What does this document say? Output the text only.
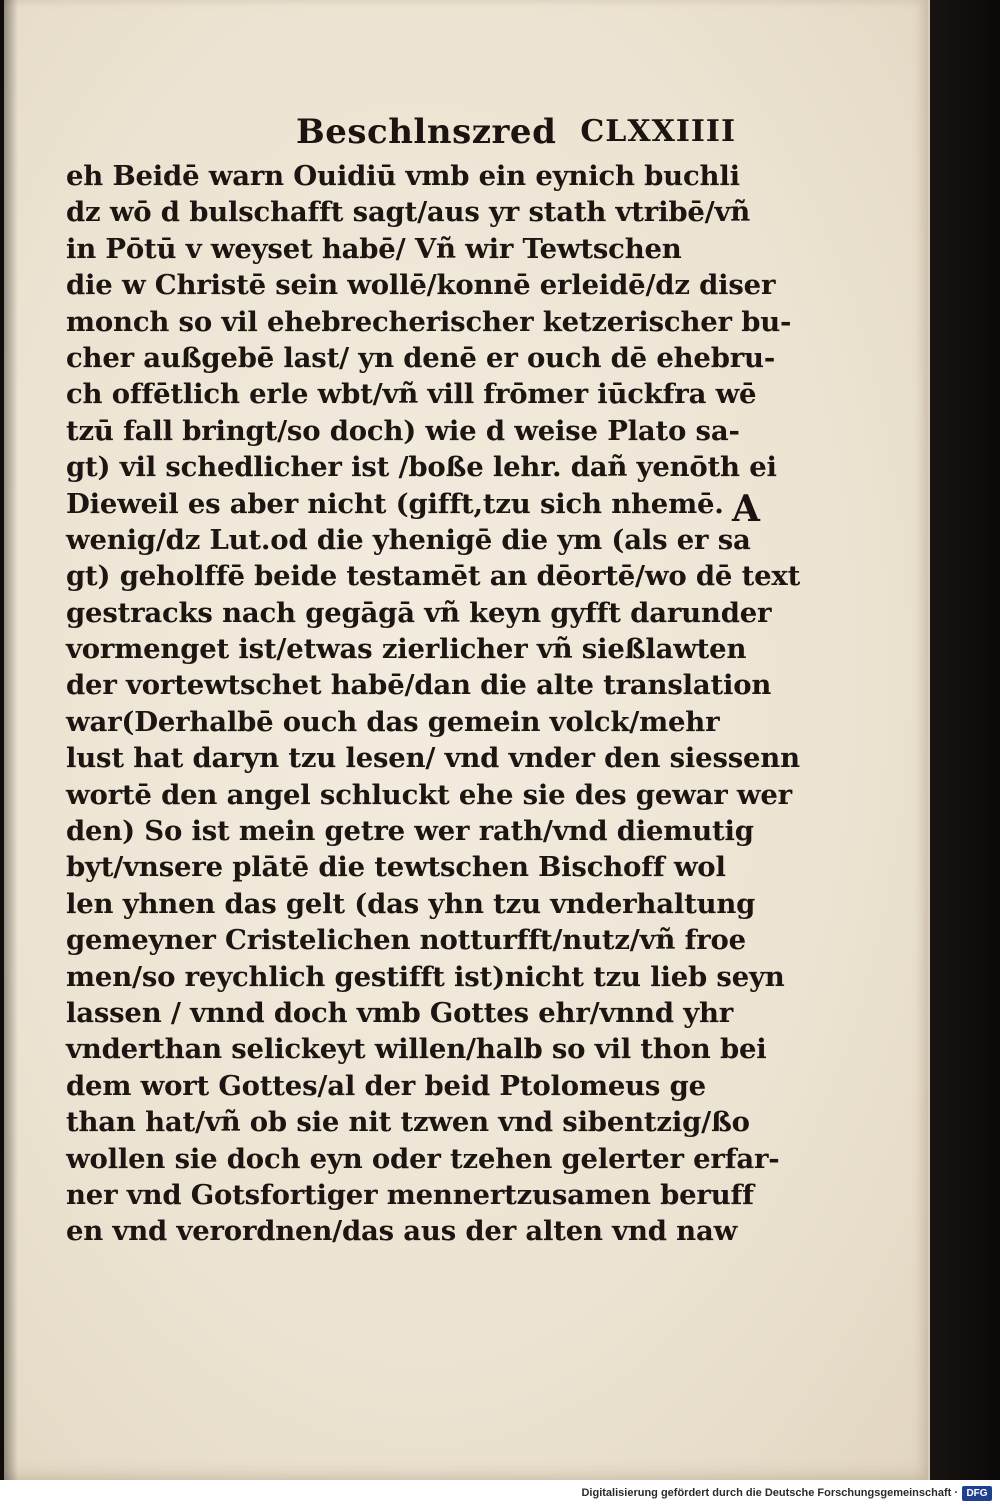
Beschlnszred CLXXIIII
eh Beidē warn Ouidiū vmb ein eynich buchli
dz wō d bulschafft sagt/aus yr stath vtribē/vñ
in Pōtū v weyset habē/ Vñ wir Tewtschen
die w Christē sein wollē/konnē erleidē/dz diser
monch so vil ehebrecherischer ketzerischer bu-
cher außgebē last/ yn denē er ouch dē ehebru-
ch offētlich erle wbt/vñ vill frōmer iūckfra wē
tzū fall bringt/so doch) wie d weise Plato sa-
gt) vil schedlicher ist /boße lehr. dañ yenōth ei
Dieweil es aber nicht (gifft,tzu sich nhemē.
wenig/dz Lut.od die yhenigē die ym (als er sa
gt) geholffē beide testamēt an dēortē/wo dē text
gestracks nach gegāgā vñ keyn gyfft darunder
vormenget ist/etwas zierlicher vñ sießlawten
der vortewtschet habē/dan die alte translation
war(Derhalbē ouch das gemein volck/mehr
lust hat daryn tzu lesen/ vnd vnder den siessenn
wortē den angel schluckt ehe sie des gewar wer
den) So ist mein getre wer rath/vnd diemutig
byt/vnsere plātē die tewtschen Bischoff wol
len yhnen das gelt (das yhn tzu vnderhaltung
gemeyner Cristelichen notturfft/nutz/vñ froe
men/so reychlich gestifft ist)nicht tzu lieb seyn
lassen / vnnd doch vmb Gottes ehr/vnnd yhr
vnderthan selickeyt willen/halb so vil thon bei
dem wort Gottes/al der beid Ptolomeus ge
than hat/vñ ob sie nit tzwen vnd sibentzig/ßo
wollen sie doch eyn oder tzehen gelerter erfar-
ner vnd Gotsfortiger mennertzusamen beruff
en vnd verordnen/das aus der alten vnd naw
A
Digitalisierung gefördert durch die Deutsche Forschungsgemeinschaft · DFG
